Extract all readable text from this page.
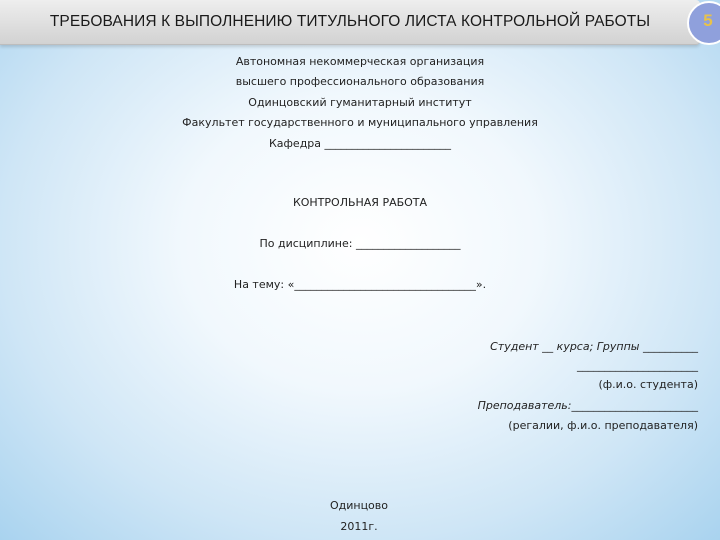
ТРЕБОВАНИЯ К ВЫПОЛНЕНИЮ ТИТУЛЬНОГО ЛИСТА КОНТРОЛЬНОЙ РАБОТЫ	5
Автономная некоммерческая организация
высшего профессионального образования
Одинцовский гуманитарный институт
Факультет государственного и муниципального управления
Кафедра _______________________
КОНТРОЛЬНАЯ РАБОТА
По дисциплине: ___________________
На тему: «_________________________________».
Студент __ курса; Группы __________
______________________
(ф.и.о. студента)
Преподаватель:_______________________
(регалии, ф.и.о. преподавателя)
Одинцово
2011г.
